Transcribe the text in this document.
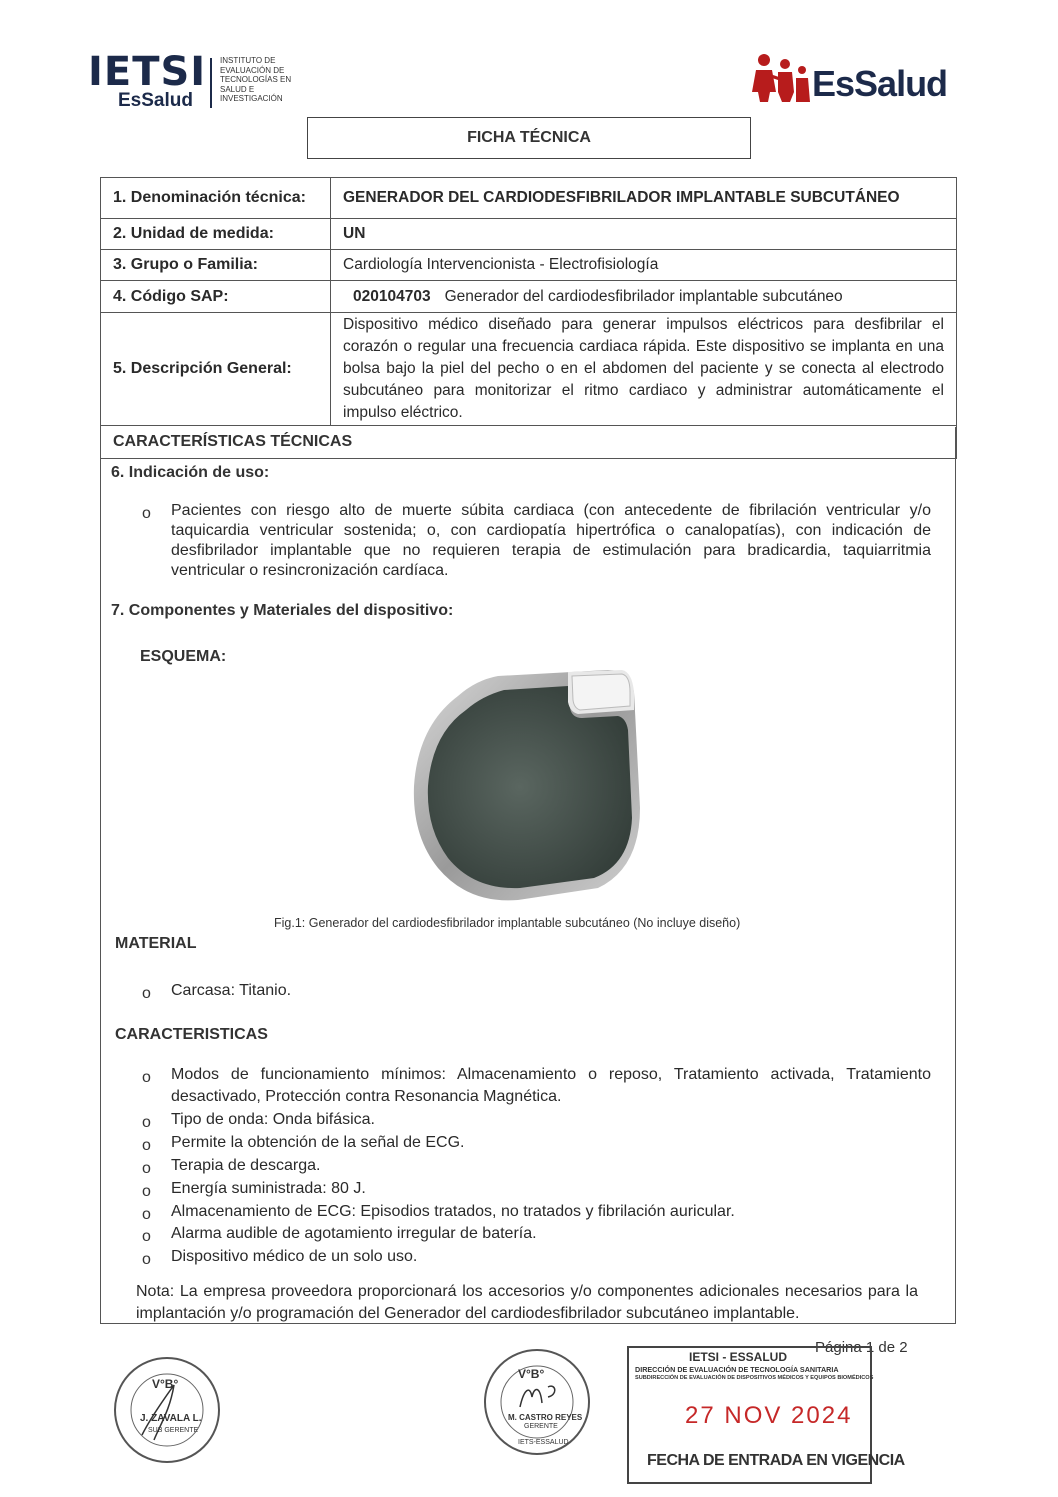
IETSI
EsSalud
INSTITUTO DE
EVALUACIÓN DE
TECNOLOGÍAS EN
SALUD E
INVESTIGACIÓN	EsSalud
FICHA TÉCNICA
1. Denominación técnica:	GENERADOR DEL CARDIODESFIBRILADOR IMPLANTABLE SUBCUTÁNEO
2. Unidad de medida:	UN
3. Grupo o Familia:	Cardiología Intervencionista - Electrofisiología
4. Código SAP:	020104703 Generador del cardiodesfibrilador implantable subcutáneo
5. Descripción General:	Dispositivo médico diseñado para generar impulsos eléctricos para desfibrilar el corazón o regular una frecuencia cardiaca rápida. Este dispositivo se implanta en una bolsa bajo la piel del pecho o en el abdomen del paciente y se conecta al electrodo subcutáneo para monitorizar el ritmo cardiaco y administrar automáticamente el impulso eléctrico.
CARACTERÍSTICAS TÉCNICAS	
6. Indicación de uso:
o Pacientes con riesgo alto de muerte súbita cardiaca (con antecedente de fibrilación ventricular y/o taquicardia ventricular sostenida; o, con cardiopatía hipertrófica o canalopatías), con indicación de desfibrilador implantable que no requieren terapia de estimulación para bradicardia, taquiarritmia ventricular o resincronización cardíaca.
7. Componentes y Materiales del dispositivo:
ESQUEMA:
Fig.1: Generador del cardiodesfibrilador implantable subcutáneo (No incluye diseño)
MATERIAL
o Carcasa: Titanio.
CARACTERISTICAS
o Modos de funcionamiento mínimos: Almacenamiento o reposo, Tratamiento activada, Tratamiento desactivado, Protección contra Resonancia Magnética.
o Tipo de onda: Onda bifásica.
o Permite la obtención de la señal de ECG.
o Terapia de descarga.
o Energía suministrada: 80 J.
o Almacenamiento de ECG: Episodios tratados, no tratados y fibrilación auricular.
o Alarma audible de agotamiento irregular de batería.
o Dispositivo médico de un solo uso.
Nota: La empresa proveedora proporcionará los accesorios y/o componentes adicionales necesarios para la implantación y/o programación del Generador del cardiodesfibrilador subcutáneo implantable.
Página 1 de 2
V°B°
J. ZAVALA L.
SUB GERENTE
V°B°
M. CASTRO REYES
GERENTE
IETS-ESSALUD
IETSI - ESSALUD
DIRECCIÓN DE EVALUACIÓN DE TECNOLOGÍA SANITARIA
SUBDIRECCIÓN DE EVALUACIÓN DE DISPOSITIVOS MÉDICOS Y EQUIPOS BIOMÉDICOS
27 NOV 2024
FECHA DE ENTRADA EN VIGENCIA
